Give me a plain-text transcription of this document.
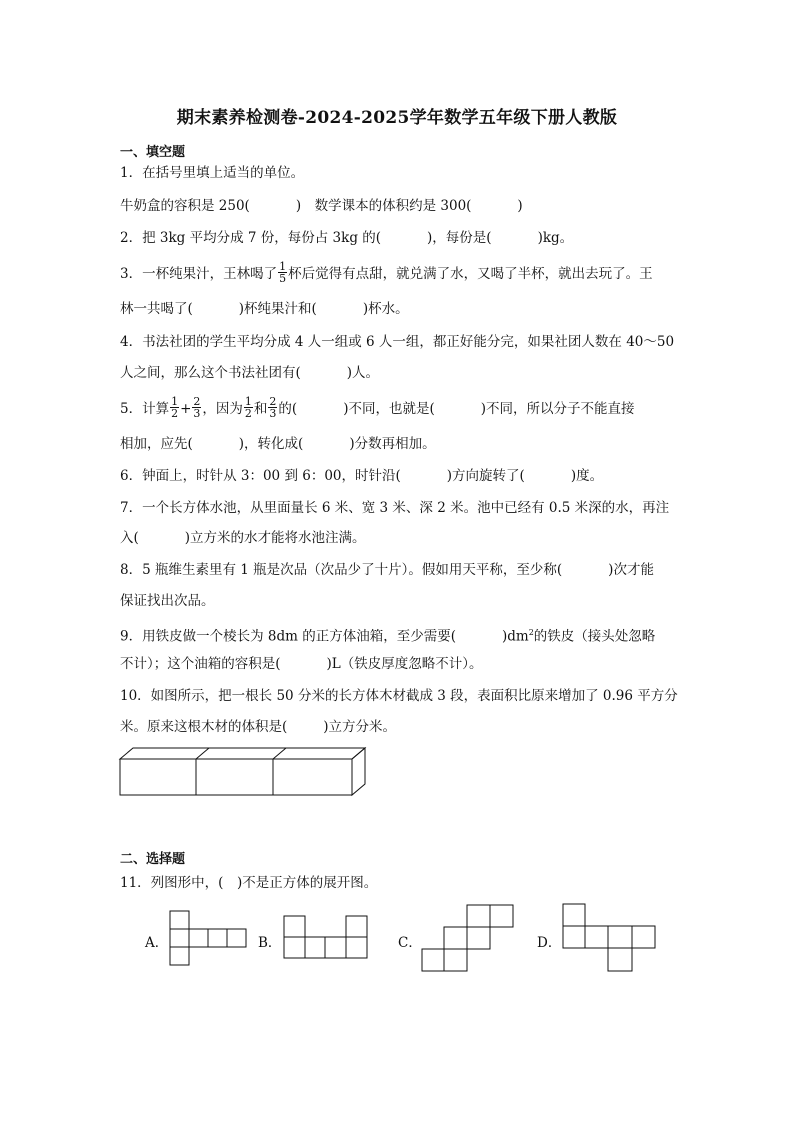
期末素养检测卷-2024-2025学年数学五年级下册人教版
一、填空题
1．在括号里填上适当的单位。
牛奶盒的容积是 250(	)　数学课本的体积约是 300(	)
2．把 3kg 平均分成 7 份，每份占 3kg 的(	)，每份是(	)kg。
3．一杯纯果汁，王林喝了 $\frac{1}{5}$ 杯后觉得有点甜，就兑满了水，又喝了半杯，就出去玩了。王
林一共喝了(	)杯纯果汁和(	)杯水。
4．书法社团的学生平均分成 4 人一组或 6 人一组，都正好能分完，如果社团人数在 40～50
人之间，那么这个书法社团有(	)人。
5．计算 $\frac{1}{2} + \frac{2}{3}$ ，因为 $\frac{1}{2}$ 和 $\frac{2}{3}$ 的(	)不同，也就是(	)不同，所以分子不能直接
相加，应先(	)，转化成(	)分数再相加。
6．钟面上，时针从 3：00 到 6：00，时针沿(	)方向旋转了(	)度。
7．一个长方体水池，从里面量长 6 米、宽 3 米、深 2 米。池中已经有 0.5 米深的水，再注
入(	)立方米的水才能将水池注满。
8．5 瓶维生素里有 1 瓶是次品（次品少了十片）。假如用天平称，至少称(	)次才能
保证找出次品。
9．用铁皮做一个棱长为 8dm 的正方体油箱，至少需要(	)$dm^2$的铁皮（接头处忽略
不计）；这个油箱的容积是(	)L（铁皮厚度忽略不计）。
10．如图所示，把一根长 50 分米的长方体木材截成 3 段，表面积比原来增加了 0.96 平方分
米。原来这根木材的体积是(	)立方分米。
二、选择题
11．列图形中，(　)不是正方体的展开图。
A．	B．	C．	D．
